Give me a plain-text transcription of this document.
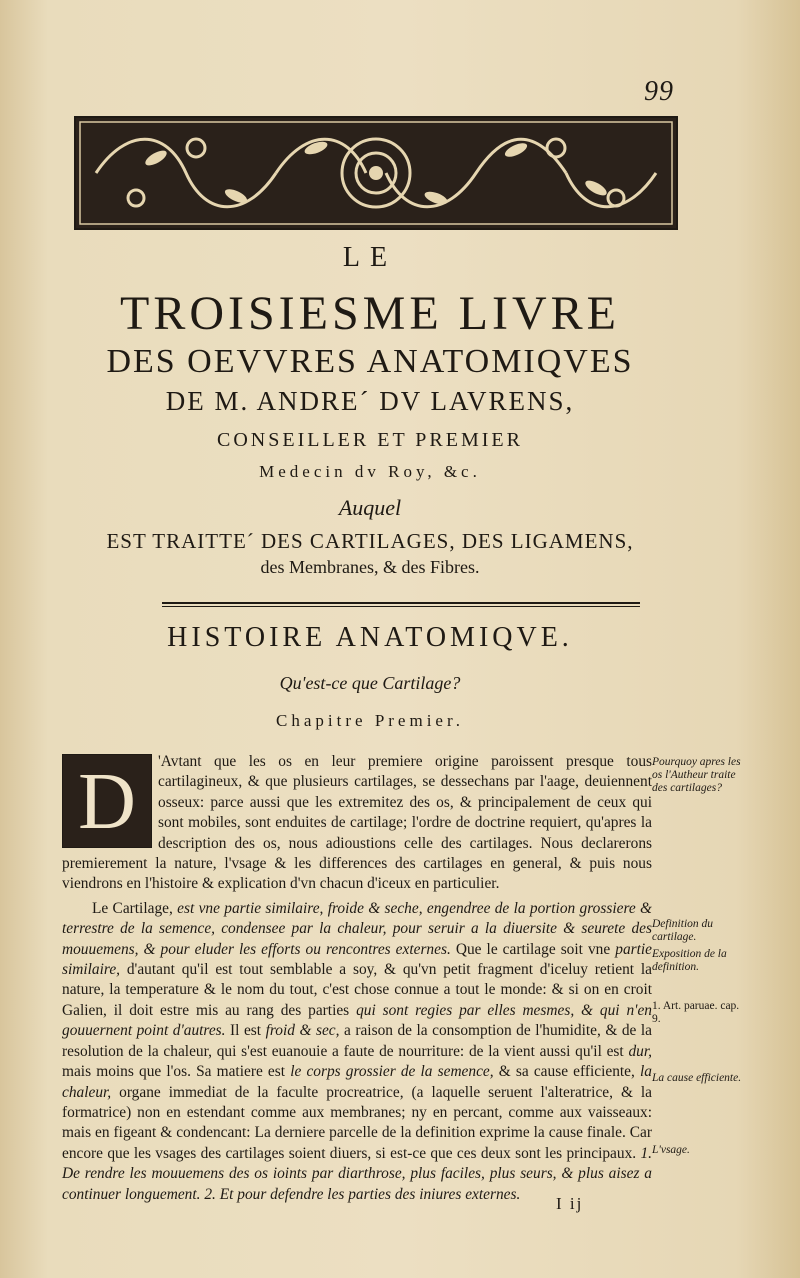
99
LE
TROISIESME LIVRE
DES OEVVRES ANATOMIQVES
DE M. ANDRE´ DV LAVRENS,
CONSEILLER ET PREMIER
Medecin dv Roy, &c.
Auquel
EST TRAITTE´ DES CARTILAGES, DES LIGAMENS,
des Membranes, & des Fibres.
HISTOIRE ANATOMIQVE.
Qu'est-ce que Cartilage?
Chapitre Premier.

D	'Avtant que les os en leur premiere origine paroissent presque tous cartilagineux, & que plusieurs cartilages, se dessechans par l'aage, deuiennent osseux: parce aussi que les extremitez des os, & principalement de ceux qui sont mobiles, sont enduites de cartilage; l'ordre de doctrine requiert, qu'apres la description des os, nous adioustions celle des cartilages. Nous declarerons premierement la nature, l'vsage & les differences des cartilages en general, & puis nous viendrons en l'histoire & explication d'vn chacun d'iceux en particulier.

Le Cartilage, est vne partie similaire, froide & seche, engendree de la portion grossiere & terrestre de la semence, condensee par la chaleur, pour seruir a la diuersite & seurete des mouuemens, & pour eluder les efforts ou rencontres externes. Que le cartilage soit vne partie similaire, d'autant qu'il est tout semblable a soy, & qu'vn petit fragment d'iceluy retient la nature, la temperature & le nom du tout, c'est chose connue a tout le monde: & si on en croit Galien, il doit estre mis au rang des parties qui sont regies par elles mesmes, & qui n'en gouuernent point d'autres. Il est froid & sec, a raison de la consomption de l'humidite, & de la resolution de la chaleur, qui s'est euanouie a faute de nourriture: de la vient aussi qu'il est dur, mais moins que l'os. Sa matiere est le corps grossier de la semence, & sa cause efficiente, la chaleur, organe immediat de la faculte procreatrice, (a laquelle seruent l'alteratrice, & la formatrice) non en estendant comme aux membranes; ny en percant, comme aux vaisseaux: mais en figeant & condencant: La derniere parcelle de la definition exprime la cause finale. Car encore que les vsages des cartilages soient diuers, si est-ce que ces deux sont les principaux. 1. De rendre les mouuemens des os ioints par diarthrose, plus faciles, plus seurs, & plus aisez a continuer longuement. 2. Et pour defendre les parties des iniures externes.

Pourquoy apres les os l'Autheur traite des cartilages?
Definition du cartilage.
Exposition de la definition.
1. Art. paruae. cap. 9.
La cause efficiente.
L'vsage.
I ij
